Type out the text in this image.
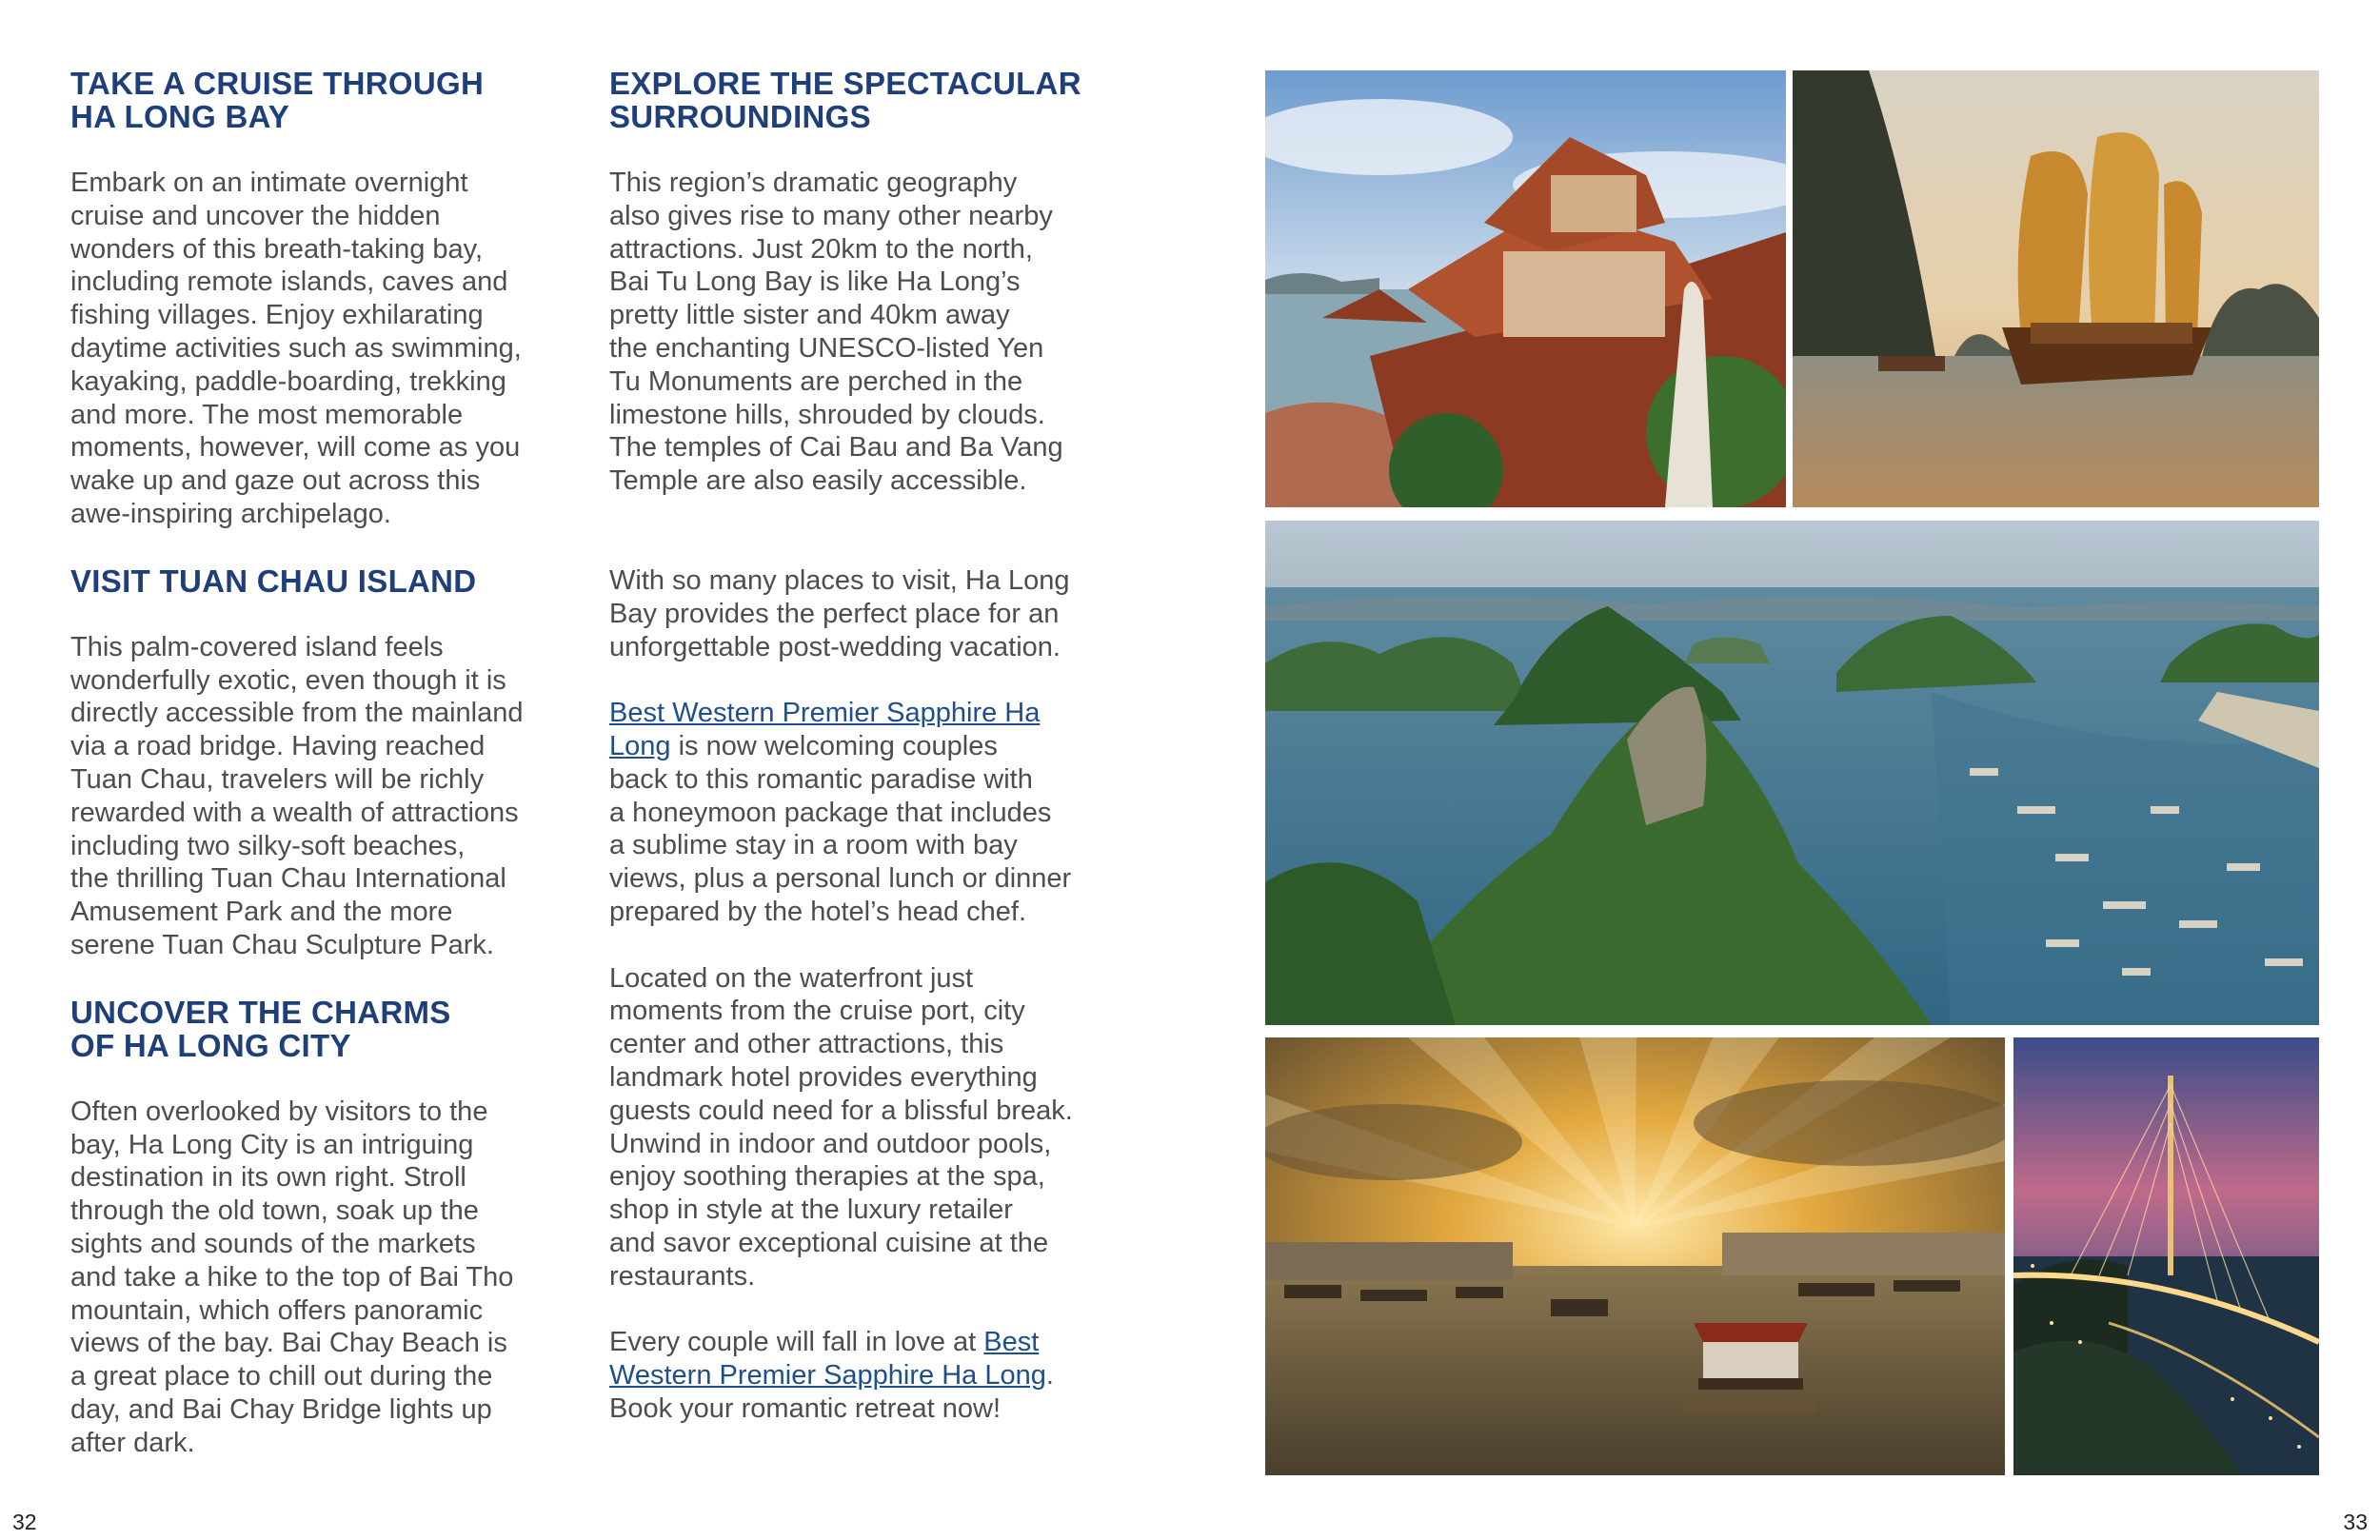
TAKE A CRUISE THROUGH
HA LONG BAY

Embark on an intimate overnight
cruise and uncover the hidden
wonders of this breath-taking bay,
including remote islands, caves and
fishing villages. Enjoy exhilarating
daytime activities such as swimming,
kayaking, paddle-boarding, trekking
and more. The most memorable
moments, however, will come as you
wake up and gaze out across this
awe-inspiring archipelago.

VISIT TUAN CHAU ISLAND

This palm-covered island feels
wonderfully exotic, even though it is
directly accessible from the mainland
via a road bridge. Having reached
Tuan Chau, travelers will be richly
rewarded with a wealth of attractions
including two silky-soft beaches,
the thrilling Tuan Chau International
Amusement Park and the more
serene Tuan Chau Sculpture Park.

UNCOVER THE CHARMS
OF HA LONG CITY

Often overlooked by visitors to the
bay, Ha Long City is an intriguing
destination in its own right. Stroll
through the old town, soak up the
sights and sounds of the markets
and take a hike to the top of Bai Tho
mountain, which offers panoramic
views of the bay. Bai Chay Beach is
a great place to chill out during the
day, and Bai Chay Bridge lights up
after dark.

EXPLORE THE SPECTACULAR
SURROUNDINGS

This region’s dramatic geography
also gives rise to many other nearby
attractions. Just 20km to the north,
Bai Tu Long Bay is like Ha Long’s
pretty little sister and 40km away
the enchanting UNESCO-listed Yen
Tu Monuments are perched in the
limestone hills, shrouded by clouds.
The temples of Cai Bau and Ba Vang
Temple are also easily accessible.

With so many places to visit, Ha Long
Bay provides the perfect place for an
unforgettable post-wedding vacation.

Best Western Premier Sapphire Ha
Long is now welcoming couples
back to this romantic paradise with
a honeymoon package that includes
a sublime stay in a room with bay
views, plus a personal lunch or dinner
prepared by the hotel’s head chef.

Located on the waterfront just
moments from the cruise port, city
center and other attractions, this
landmark hotel provides everything
guests could need for a blissful break.
Unwind in indoor and outdoor pools,
enjoy soothing therapies at the spa,
shop in style at the luxury retailer
and savor exceptional cuisine at the
restaurants.

Every couple will fall in love at Best
Western Premier Sapphire Ha Long.
Book your romantic retreat now!

32	33
